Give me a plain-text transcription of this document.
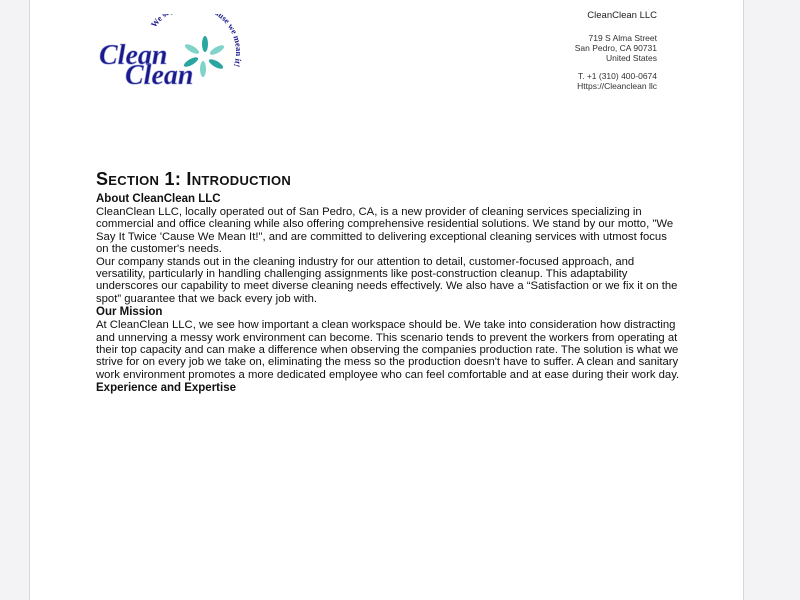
We s use we mean it!
Clean
Clean
CleanClean LLC
719 S Alma Street
San Pedro, CA 90731
United States
T. +1 (310) 400-0674
Https://Cleanclean llc
Section 1: Introduction
About CleanClean LLC

CleanClean LLC, locally operated out of San Pedro, CA, is a new provider of cleaning services specializing in commercial and office cleaning while also offering comprehensive residential solutions. We stand by our motto, "We Say It Twice 'Cause We Mean It!", and are committed to delivering exceptional cleaning services with utmost focus on the customer's needs.

Our company stands out in the cleaning industry for our attention to detail, customer-focused approach, and versatility, particularly in handling challenging assignments like post-construction cleanup. This adaptability underscores our capability to meet diverse cleaning needs effectively. We also have a “Satisfaction or we fix it on the spot” guarantee that we back every job with.

Our Mission

At CleanClean LLC, we see how important a clean workspace should be. We take into consideration how distracting and unnerving a messy work environment can become. This scenario tends to prevent the workers from operating at their top capacity and can make a difference when observing the companies production rate. The solution is what we strive for on every job we take on, eliminating the mess so the production doesn't have to suffer. A clean and sanitary work environment promotes a more dedicated employee who can feel comfortable and at ease during their work day.

Experience and Expertise
